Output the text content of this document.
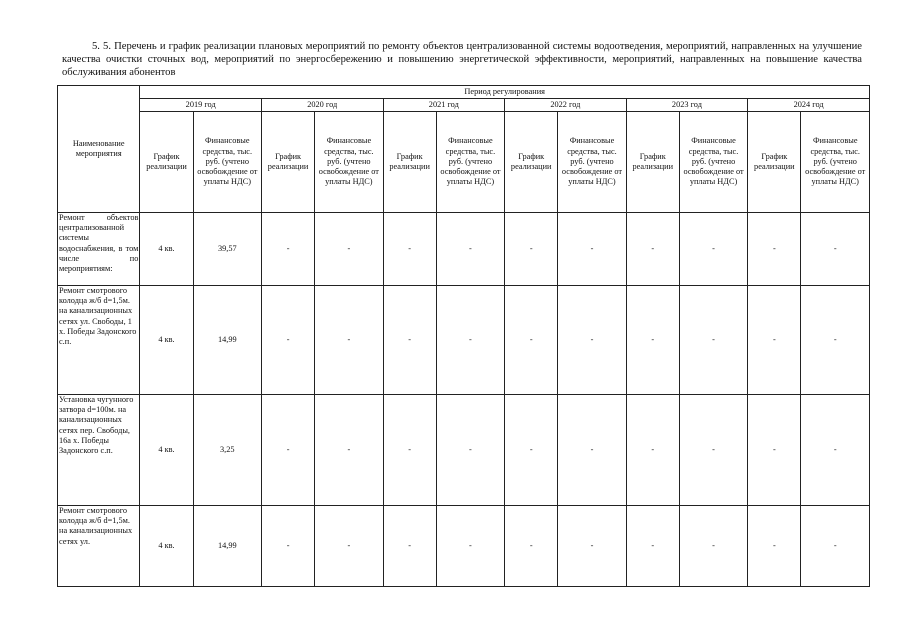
5. 5. Перечень и график реализации плановых мероприятий по ремонту объектов централизованной системы водоотведения, мероприятий, направленных на улучшение качества очистки сточных вод, мероприятий по энергосбережению и повышению энергетической эффективности, мероприятий, направленных на повышение качества обслуживания абонентов
Наименование мероприятия	Период регулирования											
	2019 год		2020 год		2021 год		2022 год		2023 год		2024 год	
	График реализации	Финансовые средства, тыс. руб. (учтено освобождение от уплаты НДС)	График реализации	Финансовые средства, тыс. руб. (учтено освобождение от уплаты НДС)	График реализации	Финансовые средства, тыс. руб. (учтено освобождение от уплаты НДС)	График реализации	Финансовые средства, тыс. руб. (учтено освобождение от уплаты НДС)	График реализации	Финансовые средства, тыс. руб. (учтено освобождение от уплаты НДС)	График реализации	Финансовые средства, тыс. руб. (учтено освобождение от уплаты НДС)
Ремонт объектов централизованной системы водоснабжения, в том числе по мероприятиям:	4 кв.	39,57	-	-	-	-	-	-	-	-	-	-
Ремонт смотрового колодца ж/б d=1,5м. на канализационных сетях ул. Свободы, 1 х. Победы Задонского с.п.	4 кв.	14,99	-	-	-	-	-	-	-	-	-	-
Установка чугунного затвора d=100м. на канализационных сетях пер. Свободы, 16а х. Победы Задонского с.п.	4 кв.	3,25	-	-	-	-	-	-	-	-	-	-
Ремонт смотрового колодца ж/б d=1,5м. на канализационных сетях ул.	4 кв.	14,99	-	-	-	-	-	-	-	-	-	-
